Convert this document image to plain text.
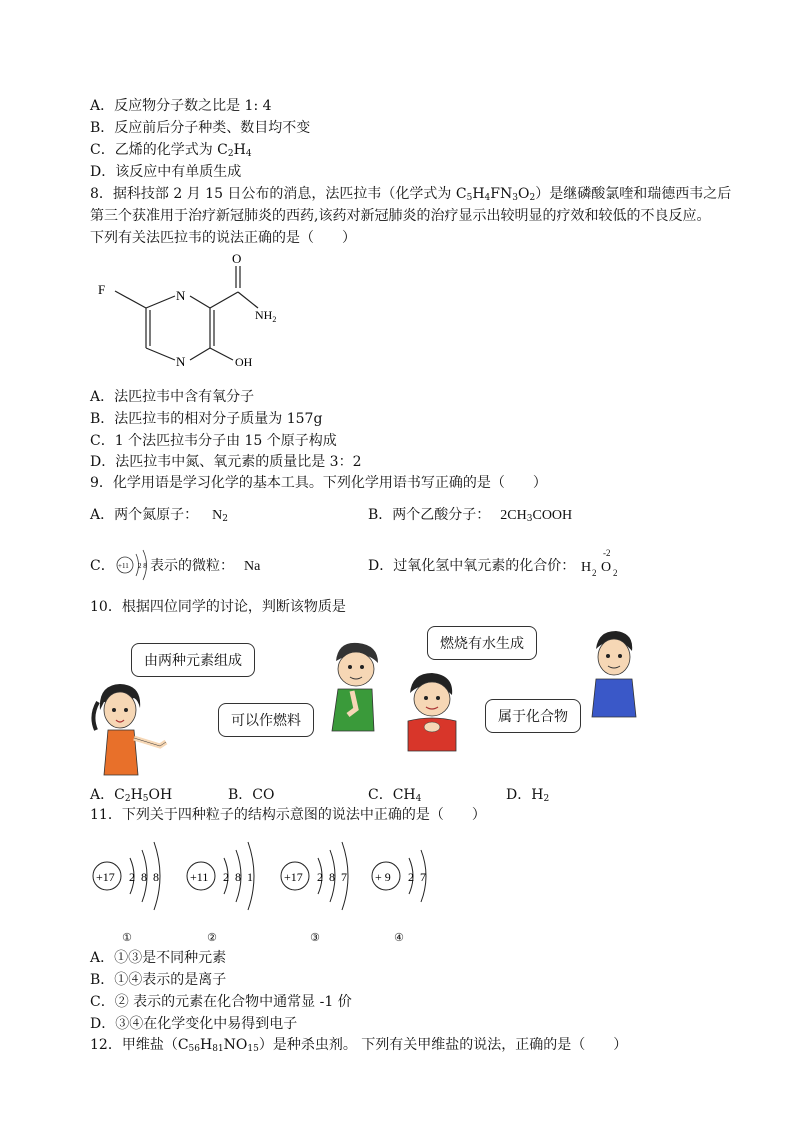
A．反应物分子数之比是 1: 4
B．反应前后分子种类、数目均不变
C．乙烯的化学式为 $C_2H_4$
D．该反应中有单质生成
8．据科技部 2 月 15 日公布的消息，法匹拉韦（化学式为 $C_5H_4FN_3O_2$）是继磷酸氯喹和瑞德西韦之后
第三个获准用于治疗新冠肺炎的西药,该药对新冠肺炎的治疗显示出较明显的疗效和较低的不良反应。
下列有关法匹拉韦的说法正确的是（　　）
F	N
N
O
$NH_2$
OH
A．法匹拉韦中含有氧分子
B．法匹拉韦的相对分子质量为 157g
C．1 个法匹拉韦分子由 15 个原子构成
D．法匹拉韦中氮、氧元素的质量比是 3：2
9．化学用语是学习化学的基本工具。下列化学用语书写正确的是（　　）
A．两个氮原子： $N_2$	B．两个乙酸分子： $2CH_3COOH$
C． +11 2 8 表示的微粒： Na	D．过氧化氢中氧元素的化合价： H 2 O 2
-2
10．根据四位同学的讨论，判断该物质是
由两种元素组成
可以作燃料
燃烧有水生成
属于化合物
A．$C_2H_5OH$	B．CO	C．$CH_4$	D．$H_2$
11．下列关于四种粒子的结构示意图的说法中正确的是（　　）
+17 2 8 8	+11 2 8 1	+17 2 8 7 + 9 2 7
①	②	③	④
A．①③是不同种元素
B．①④表示的是离子
C．② 表示的元素在化合物中通常显 -1 价
D．③④在化学变化中易得到电子
12．甲维盐$(C_{56}H_{81}NO_{15})$是种杀虫剂。 下列有关甲维盐的说法，正确的是（　　）
